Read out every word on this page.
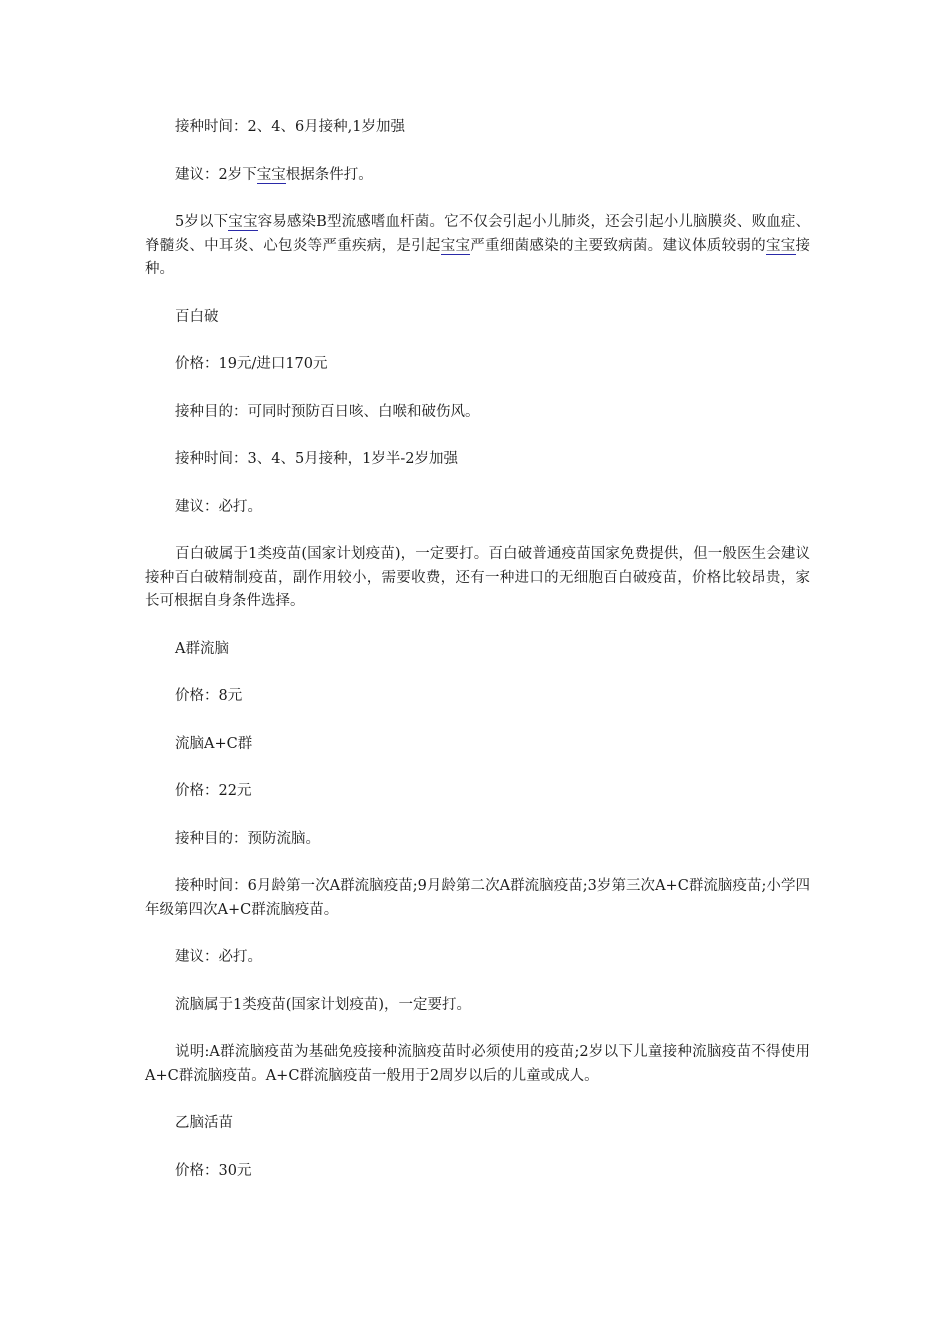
接种时间：2、4、6月接种,1岁加强

建议：2岁下宝宝根据条件打。

5岁以下宝宝容易感染B型流感嗜血杆菌。它不仅会引起小儿肺炎，还会引起小儿脑膜炎、败血症、脊髓炎、中耳炎、心包炎等严重疾病，是引起宝宝严重细菌感染的主要致病菌。建议体质较弱的宝宝接种。

百白破

价格：19元/进口170元

接种目的：可同时预防百日咳、白喉和破伤风。

接种时间：3、4、5月接种，1岁半-2岁加强

建议：必打。

百白破属于1类疫苗(国家计划疫苗)，一定要打。百白破普通疫苗国家免费提供，但一般医生会建议接种百白破精制疫苗，副作用较小，需要收费，还有一种进口的无细胞百白破疫苗，价格比较昂贵，家长可根据自身条件选择。

A群流脑

价格：8元

流脑A+C群

价格：22元

接种目的：预防流脑。

接种时间：6月龄第一次A群流脑疫苗;9月龄第二次A群流脑疫苗;3岁第三次A+C群流脑疫苗;小学四年级第四次A+C群流脑疫苗。

建议：必打。

流脑属于1类疫苗(国家计划疫苗)，一定要打。

说明:A群流脑疫苗为基础免疫接种流脑疫苗时必须使用的疫苗;2岁以下儿童接种流脑疫苗不得使用A+C群流脑疫苗。A+C群流脑疫苗一般用于2周岁以后的儿童或成人。

乙脑活苗

价格：30元
